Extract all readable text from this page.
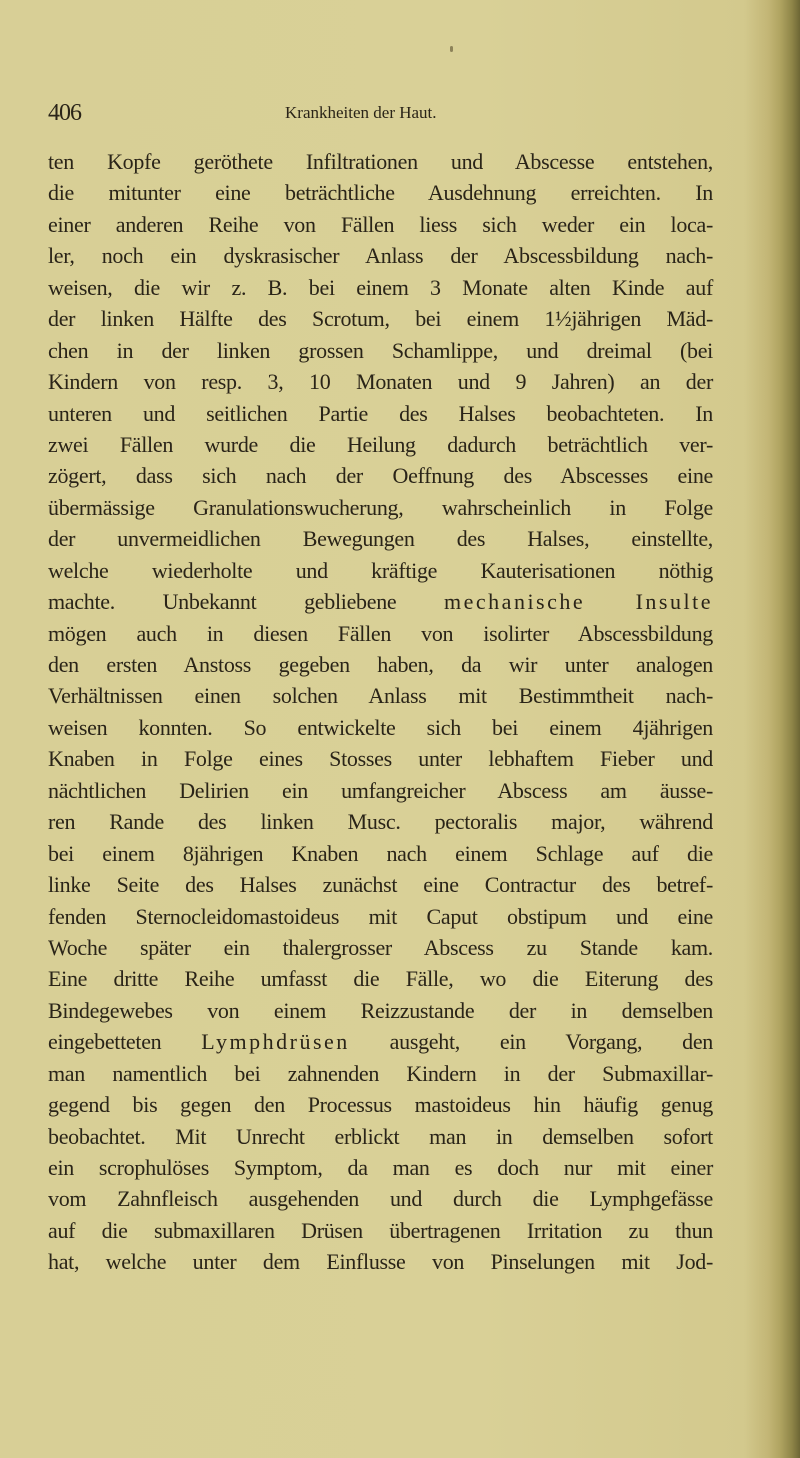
406	Krankheiten der Haut.
ten Kopfe geröthete Infiltrationen und Abscesse entstehen,
die mitunter eine beträchtliche Ausdehnung erreichten. In
einer anderen Reihe von Fällen liess sich weder ein loca-
ler, noch ein dyskrasischer Anlass der Abscessbildung nach-
weisen, die wir z. B. bei einem 3 Monate alten Kinde auf
der linken Hälfte des Scrotum, bei einem 1½jährigen Mäd-
chen in der linken grossen Schamlippe, und dreimal (bei
Kindern von resp. 3, 10 Monaten und 9 Jahren) an der
unteren und seitlichen Partie des Halses beobachteten. In
zwei Fällen wurde die Heilung dadurch beträchtlich ver-
zögert, dass sich nach der Oeffnung des Abscesses eine
übermässige Granulationswucherung, wahrscheinlich in Folge
der unvermeidlichen Bewegungen des Halses, einstellte,
welche wiederholte und kräftige Kauterisationen nöthig
machte. Unbekannt gebliebene mechanische Insulte
mögen auch in diesen Fällen von isolirter Abscessbildung
den ersten Anstoss gegeben haben, da wir unter analogen
Verhältnissen einen solchen Anlass mit Bestimmtheit nach-
weisen konnten. So entwickelte sich bei einem 4jährigen
Knaben in Folge eines Stosses unter lebhaftem Fieber und
nächtlichen Delirien ein umfangreicher Abscess am äusse-
ren Rande des linken Musc. pectoralis major, während
bei einem 8jährigen Knaben nach einem Schlage auf die
linke Seite des Halses zunächst eine Contractur des betref-
fenden Sternocleidomastoideus mit Caput obstipum und eine
Woche später ein thalergrosser Abscess zu Stande kam.
Eine dritte Reihe umfasst die Fälle, wo die Eiterung des
Bindegewebes von einem Reizzustande der in demselben
eingebetteten Lymphdrüsen ausgeht, ein Vorgang, den
man namentlich bei zahnenden Kindern in der Submaxillar-
gegend bis gegen den Processus mastoideus hin häufig genug
beobachtet. Mit Unrecht erblickt man in demselben sofort
ein scrophulöses Symptom, da man es doch nur mit einer
vom Zahnfleisch ausgehenden und durch die Lymphgefässe
auf die submaxillaren Drüsen übertragenen Irritation zu thun
hat, welche unter dem Einflusse von Pinselungen mit Jod-
